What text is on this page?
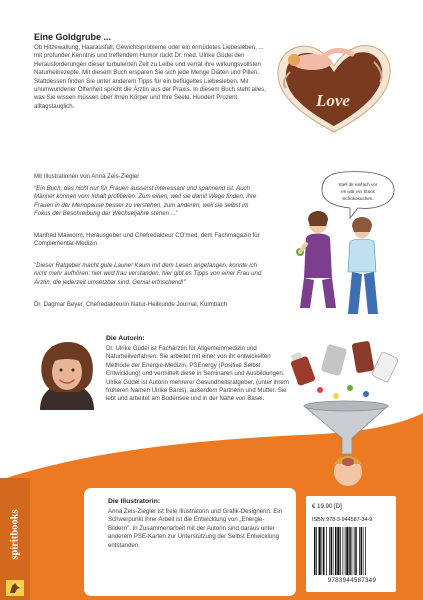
Eine Goldgrube ...
Ob Hitzewallung, Haarausfall, Gewichtsprobleme oder ein ermüdetes Liebesleben, ... mit profunder Kenntnis und treffendem Humor rückt Dr. med. Ulrike Güdel den Herausforderungen dieser turbulenten Zeit zu Leibe und verrät ihre wirkungsvollsten Naturheilrezepte. Mit diesem Buch ersparen Sie sich jede Menge Diäten und Pillen. Stattdessen finden Sie unter anderem Tipps für ein beflügeltes Liebesleben. Mit unumwundener Offenheit spricht die Ärztin aus der Praxis. In diesem Buch steht alles, was Sie wissen müssen über Ihren Körper und Ihre Seele. Hundert Prozent alltagstauglich.
Mit Illustrationen von Anna Zeis-Ziegler
"Ein Buch, das nicht nur für Frauen äusserst interessant und spannend ist. Auch Männer können vom Inhalt profitieren: Zum einen, weil sie damit Wege finden, ihre Frauen in der Menopause besser zu verstehen, zum anderen, weil sie selbst im Fokus der Beschreibung der Wechseljahre stehen ..."
Manfred Maiworm, Herausgeber und Chefredakteur CO'med, dem Fachmagazin für Complementär-Medizin
"Dieser Ratgeber macht gute Laune! Kaum mit dem Lesen angefangen, konnte ich nicht mehr aufhören: hier wird frau verstanden, hier gibt es Tipps von einer Frau und Ärztin, die jederzeit umsetzbar sind. Genial erfrischend!"
Dr. Dagmar Beyer, Chefredakteurin Natur-Heilkunde Journal, Kulmbach
Love
Stell dir einfach vor
es wär ein Stück
Schokokuchen.
Die Autorin:
Dr. Ulrike Güdel ist Fachärztin für Allgemeinmedizin und Naturheilverfahren. Sie arbeitet mit einer von ihr entwickelten Methode der Energie-Medizin, PSEnergy (Positive Selbst Entwicklung) und vermittelt diese in Seminaren und Ausbildungen. Ulrike Güdel ist Autorin mehrerer Gesundheitsratgeber, (unter ihrem früheren Namen Ulrike Banis), außerdem Partnerin und Mutter. Sie lebt und arbeitet am Bodensee und in der Nähe von Basel.
spiritbooks
Die Illustratorin:
Anna Zeis-Ziegler ist freie Illustratorin und Grafik-Designerin. Ein Schwerpunkt ihrer Arbeit ist die Entwicklung von „Energie-Bildern". In Zusammenarbeit mit der Autorin sind daraus unter anderem PSE-Karten zur Unterstützung der Selbst Entwicklung entstanden.
€ 19.90 [D]
ISBN 978-3-944587-34-9
9783944587349
